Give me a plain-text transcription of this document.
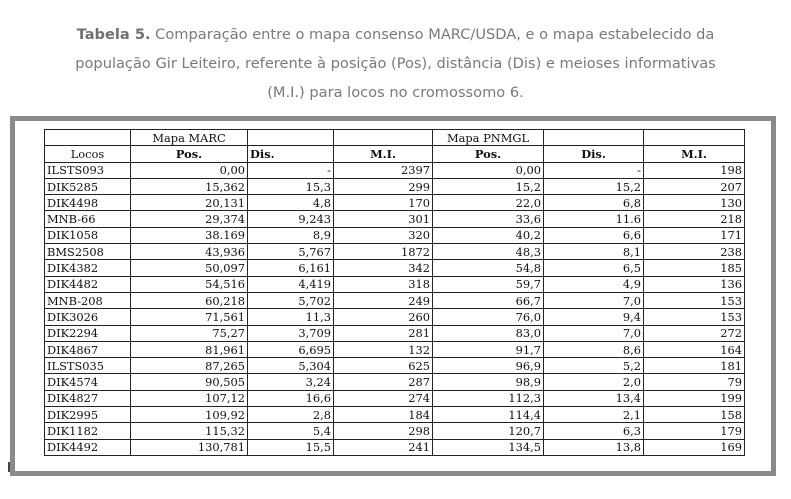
Tabela 5. Comparação entre o mapa consenso MARC/USDA, e o mapa estabelecido da
população Gir Leiteiro, referente à posição (Pos), distância (Dis) e meioses informativas
(M.I.) para locos no cromossomo 6.
	Mapa MARC			Mapa PNMGL		
Locos	Pos.	Dis.	M.I.	Pos.	Dis.	M.I.
ILSTS093	0,00	-	2397	0,00	-	198
DIK5285	15,362	15,3	299	15,2	15,2	207
DIK4498	20,131	4,8	170	22,0	6,8	130
MNB-66	29,374	9,243	301	33,6	11.6	218
DIK1058	38.169	8,9	320	40,2	6,6	171
BMS2508	43,936	5,767	1872	48,3	8,1	238
DIK4382	50,097	6,161	342	54,8	6,5	185
DIK4482	54,516	4,419	318	59,7	4,9	136
MNB-208	60,218	5,702	249	66,7	7,0	153
DIK3026	71,561	11,3	260	76,0	9,4	153
DIK2294	75,27	3,709	281	83,0	7,0	272
DIK4867	81,961	6,695	132	91,7	8,6	164
ILSTS035	87,265	5,304	625	96,9	5,2	181
DIK4574	90,505	3,24	287	98,9	2,0	79
DIK4827	107,12	16,6	274	112,3	13,4	199
DIK2995	109,92	2,8	184	114,4	2,1	158
DIK1182	115,32	5,4	298	120,7	6,3	179
DIK4492	130,781	15,5	241	134,5	13,8	169
